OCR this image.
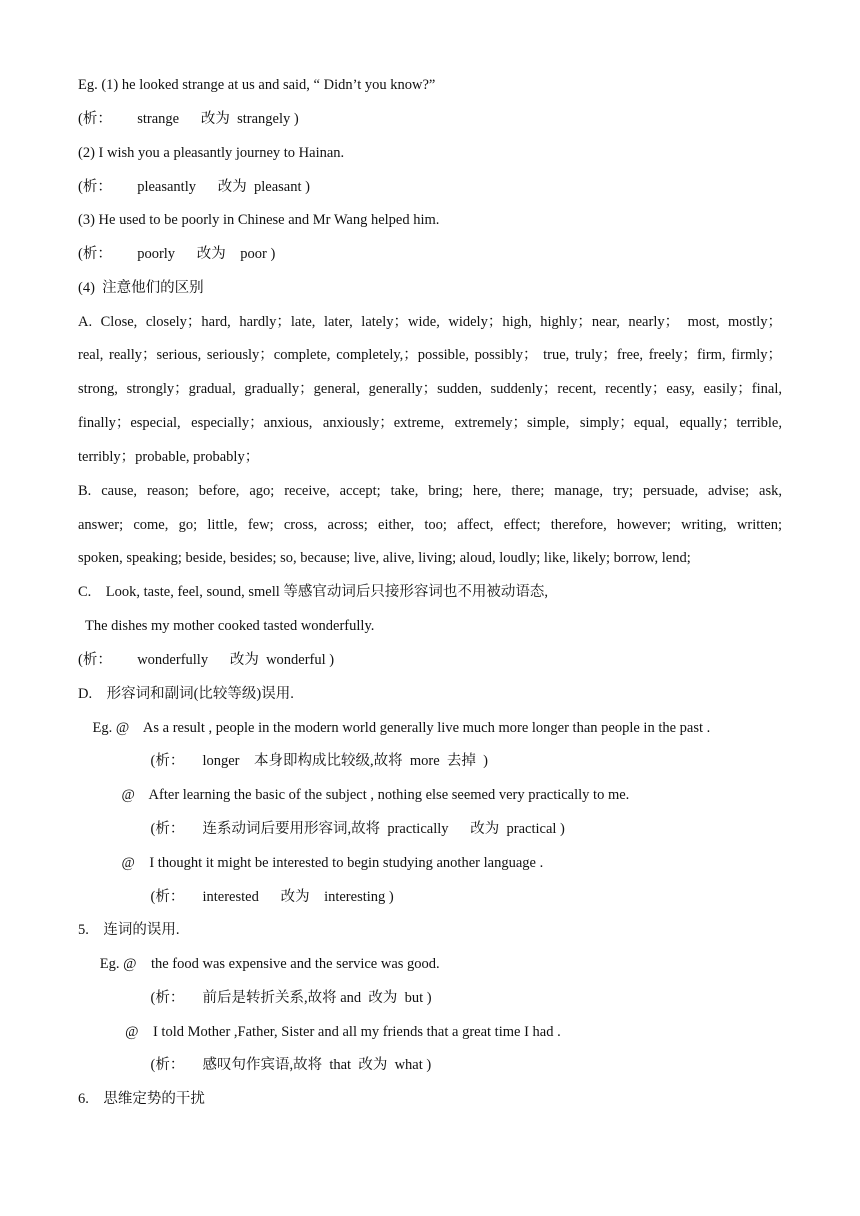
Eg. (1) he looked strange at us and said, “ Didn’t you know?”
(析：       strange      改为  strangely )
(2) I wish you a pleasantly journey to Hainan.
(析：       pleasantly      改为  pleasant )
(3) He used to be poorly in Chinese and Mr Wang helped him.
(析：       poorly      改为    poor )
(4)  注意他们的区别
A. Close, closely；hard, hardly；late, later, lately；wide, widely；high, highly；near, nearly； most, mostly；
real, really；serious, seriously；complete, completely,；possible, possibly； true, truly；free, freely；firm, firmly；
strong, strongly；gradual, gradually；general, generally；sudden, suddenly；recent, recently；easy, easily；final,
finally；especial, especially；anxious, anxiously；extreme, extremely；simple, simply；equal, equally；terrible,
terribly；probable, probably；
B. cause, reason; before, ago; receive, accept; take, bring; here, there; manage, try; persuade, advise; ask,
answer; come, go; little, few; cross, across; either, too; affect, effect; therefore, however; writing, written;
spoken, speaking; beside, besides; so, because; live, alive, living; aloud, loudly; like, likely; borrow, lend;
C.    Look, taste, feel, sound, smell 等感官动词后只接形容词也不用被动语态,
The dishes my mother cooked tasted wonderfully.
(析：       wonderfully      改为  wonderful )
D.    形容词和副词(比较等级)误用.
Eg. @    As a result , people in the modern world generally live much more longer than people in the past .
(析：     longer    本身即构成比较级,故将  more  去掉  )
@    After learning the basic of the subject , nothing else seemed very practically to me.
(析：     连系动词后要用形容词,故将  practically      改为  practical )
@    I thought it might be interested to begin studying another language .
(析：     interested      改为    interesting )
5.    连词的误用.
Eg. @    the food was expensive and the service was good.
(析：     前后是转折关系,故将 and  改为  but )
@    I told Mother ,Father, Sister and all my friends that a great time I had .
(析：     感叹句作宾语,故将  that  改为  what )
6.    思维定势的干扰
